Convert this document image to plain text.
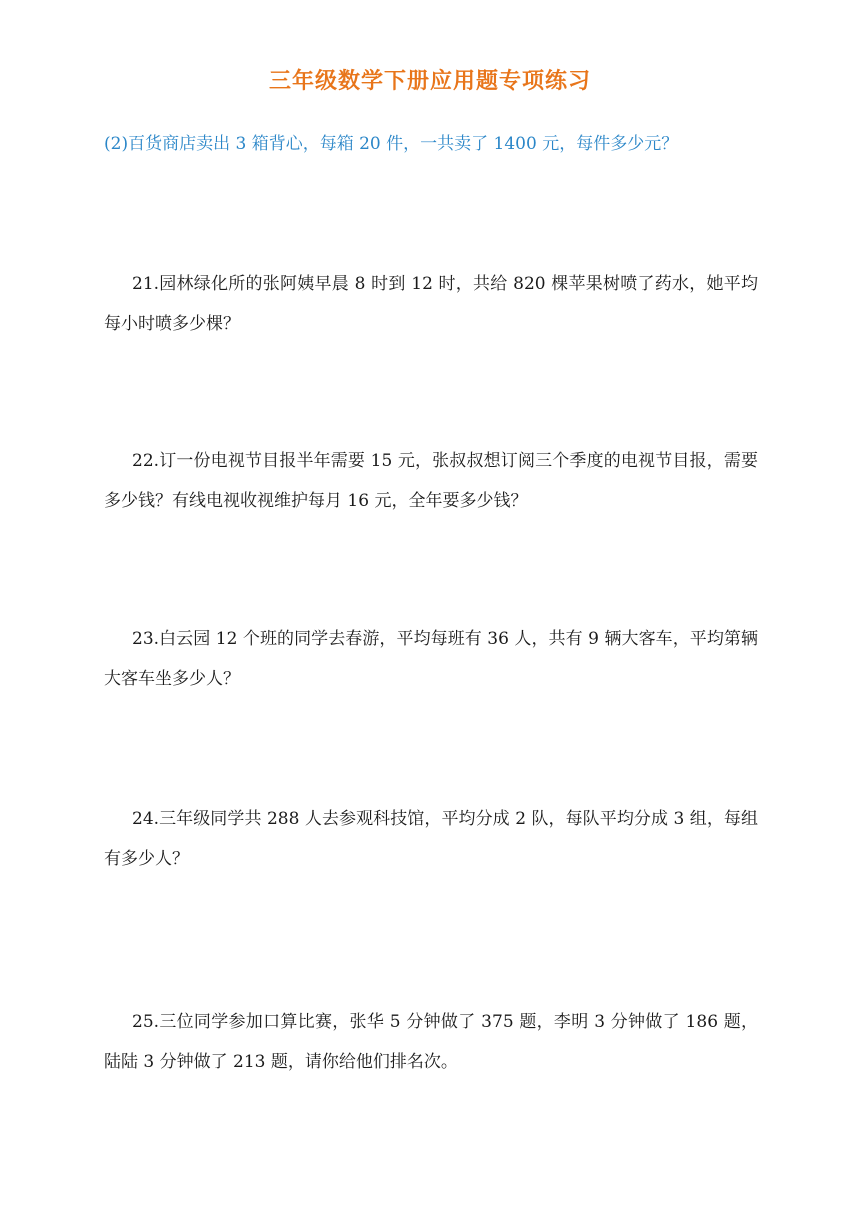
三年级数学下册应用题专项练习
(2)百货商店卖出 3 箱背心，每箱 20 件，一共卖了 1400 元，每件多少元？
21.园林绿化所的张阿姨早晨 8 时到 12 时，共给 820 棵苹果树喷了药水，她平均每小时喷多少棵？
22.订一份电视节目报半年需要 15 元，张叔叔想订阅三个季度的电视节目报，需要多少钱？有线电视收视维护每月 16 元，全年要多少钱？
23.白云园 12 个班的同学去春游，平均每班有 36 人，共有 9 辆大客车，平均第辆大客车坐多少人？
24.三年级同学共 288 人去参观科技馆，平均分成 2 队，每队平均分成 3 组，每组有多少人？
25.三位同学参加口算比赛，张华 5 分钟做了 375 题，李明 3 分钟做了 186 题，陆陆 3 分钟做了 213 题，请你给他们排名次。
